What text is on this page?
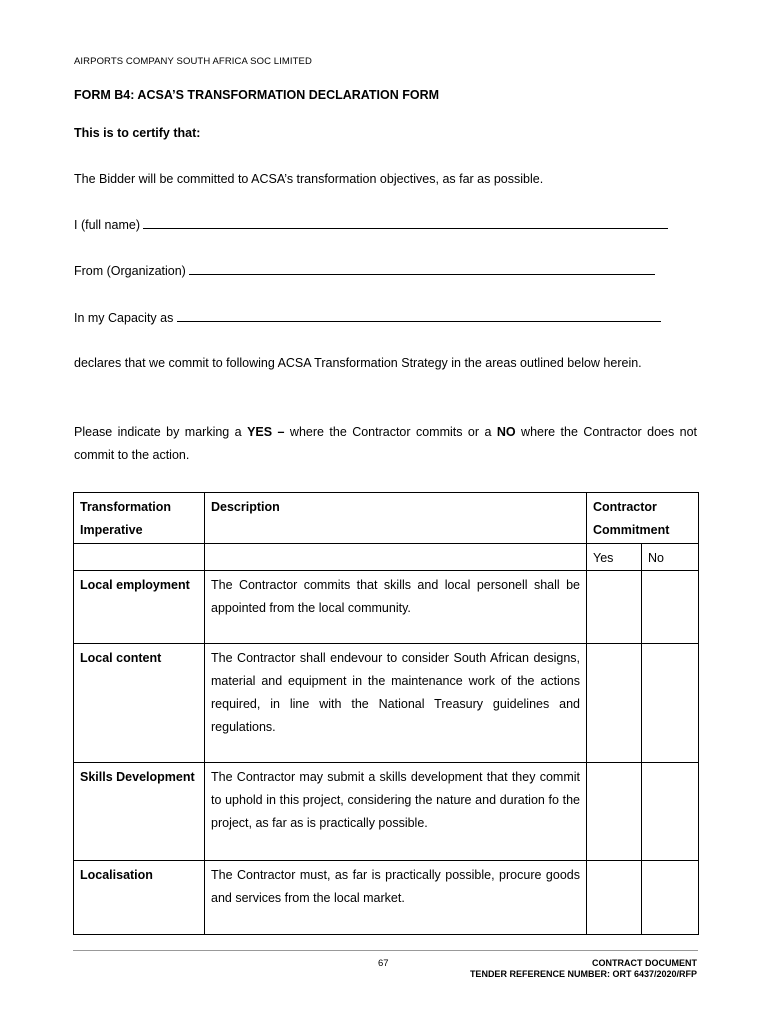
AIRPORTS COMPANY SOUTH AFRICA SOC LIMITED
FORM B4: ACSA’S TRANSFORMATION DECLARATION FORM
This is to certify that:
The Bidder will be committed to ACSA’s transformation objectives, as far as possible.
I (full name)
From (Organization)
In my Capacity as
declares that we commit to following ACSA Transformation Strategy in the areas outlined below herein.
Please indicate by marking a YES – where the Contractor commits or a NO where the Contractor does not commit to the action.
Transformation Imperative	Description	Contractor Commitment	
		Yes	No
Local employment	The Contractor commits that skills and local personell shall be appointed from the local community.		
Local content	The Contractor shall endevour to consider South African designs, material and equipment in the maintenance work of the actions required, in line with the National Treasury guidelines and regulations.		
Skills Development	The Contractor may submit a skills development that they commit to uphold in this project, considering the nature and duration fo the project, as far as is practically possible.		
Localisation	The Contractor must, as far is practically possible, procure goods and services from the local market.		
67	CONTRACT DOCUMENT
TENDER REFERENCE NUMBER: ORT 6437/2020/RFP
